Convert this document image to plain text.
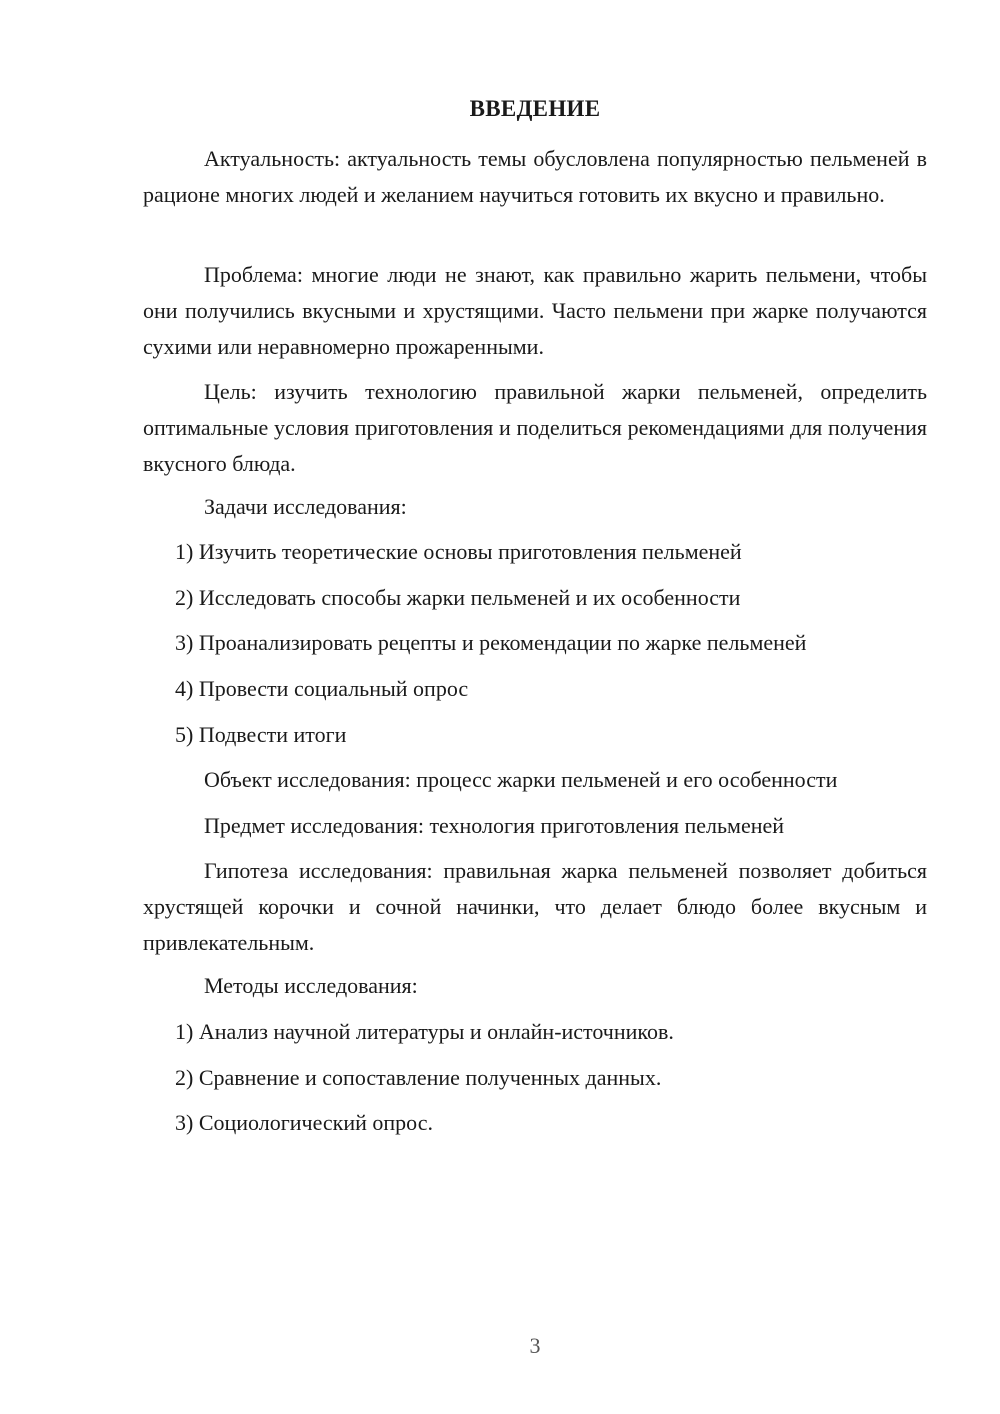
ВВЕДЕНИЕ
Актуальность: актуальность темы обусловлена популярностью пельменей в рационе многих людей и желанием научиться готовить их вкусно и правильно.
Проблема: многие люди не знают, как правильно жарить пельмени, чтобы они получились вкусными и хрустящими. Часто пельмени при жарке получаются сухими или неравномерно прожаренными.
Цель: изучить технологию правильной жарки пельменей, определить оптимальные условия приготовления и поделиться рекомендациями для получения вкусного блюда.
Задачи исследования:
1) Изучить теоретические основы приготовления пельменей
2) Исследовать способы жарки пельменей и их особенности
3) Проанализировать рецепты и рекомендации по жарке пельменей
4) Провести социальный опрос
5) Подвести итоги
Объект исследования: процесс жарки пельменей и его особенности
Предмет исследования: технология приготовления пельменей
Гипотеза исследования: правильная жарка пельменей позволяет добиться хрустящей корочки и сочной начинки, что делает блюдо более вкусным и привлекательным.
Методы исследования:
1) Анализ научной литературы и онлайн-источников.
2) Сравнение и сопоставление полученных данных.
3) Социологический опрос.
3
